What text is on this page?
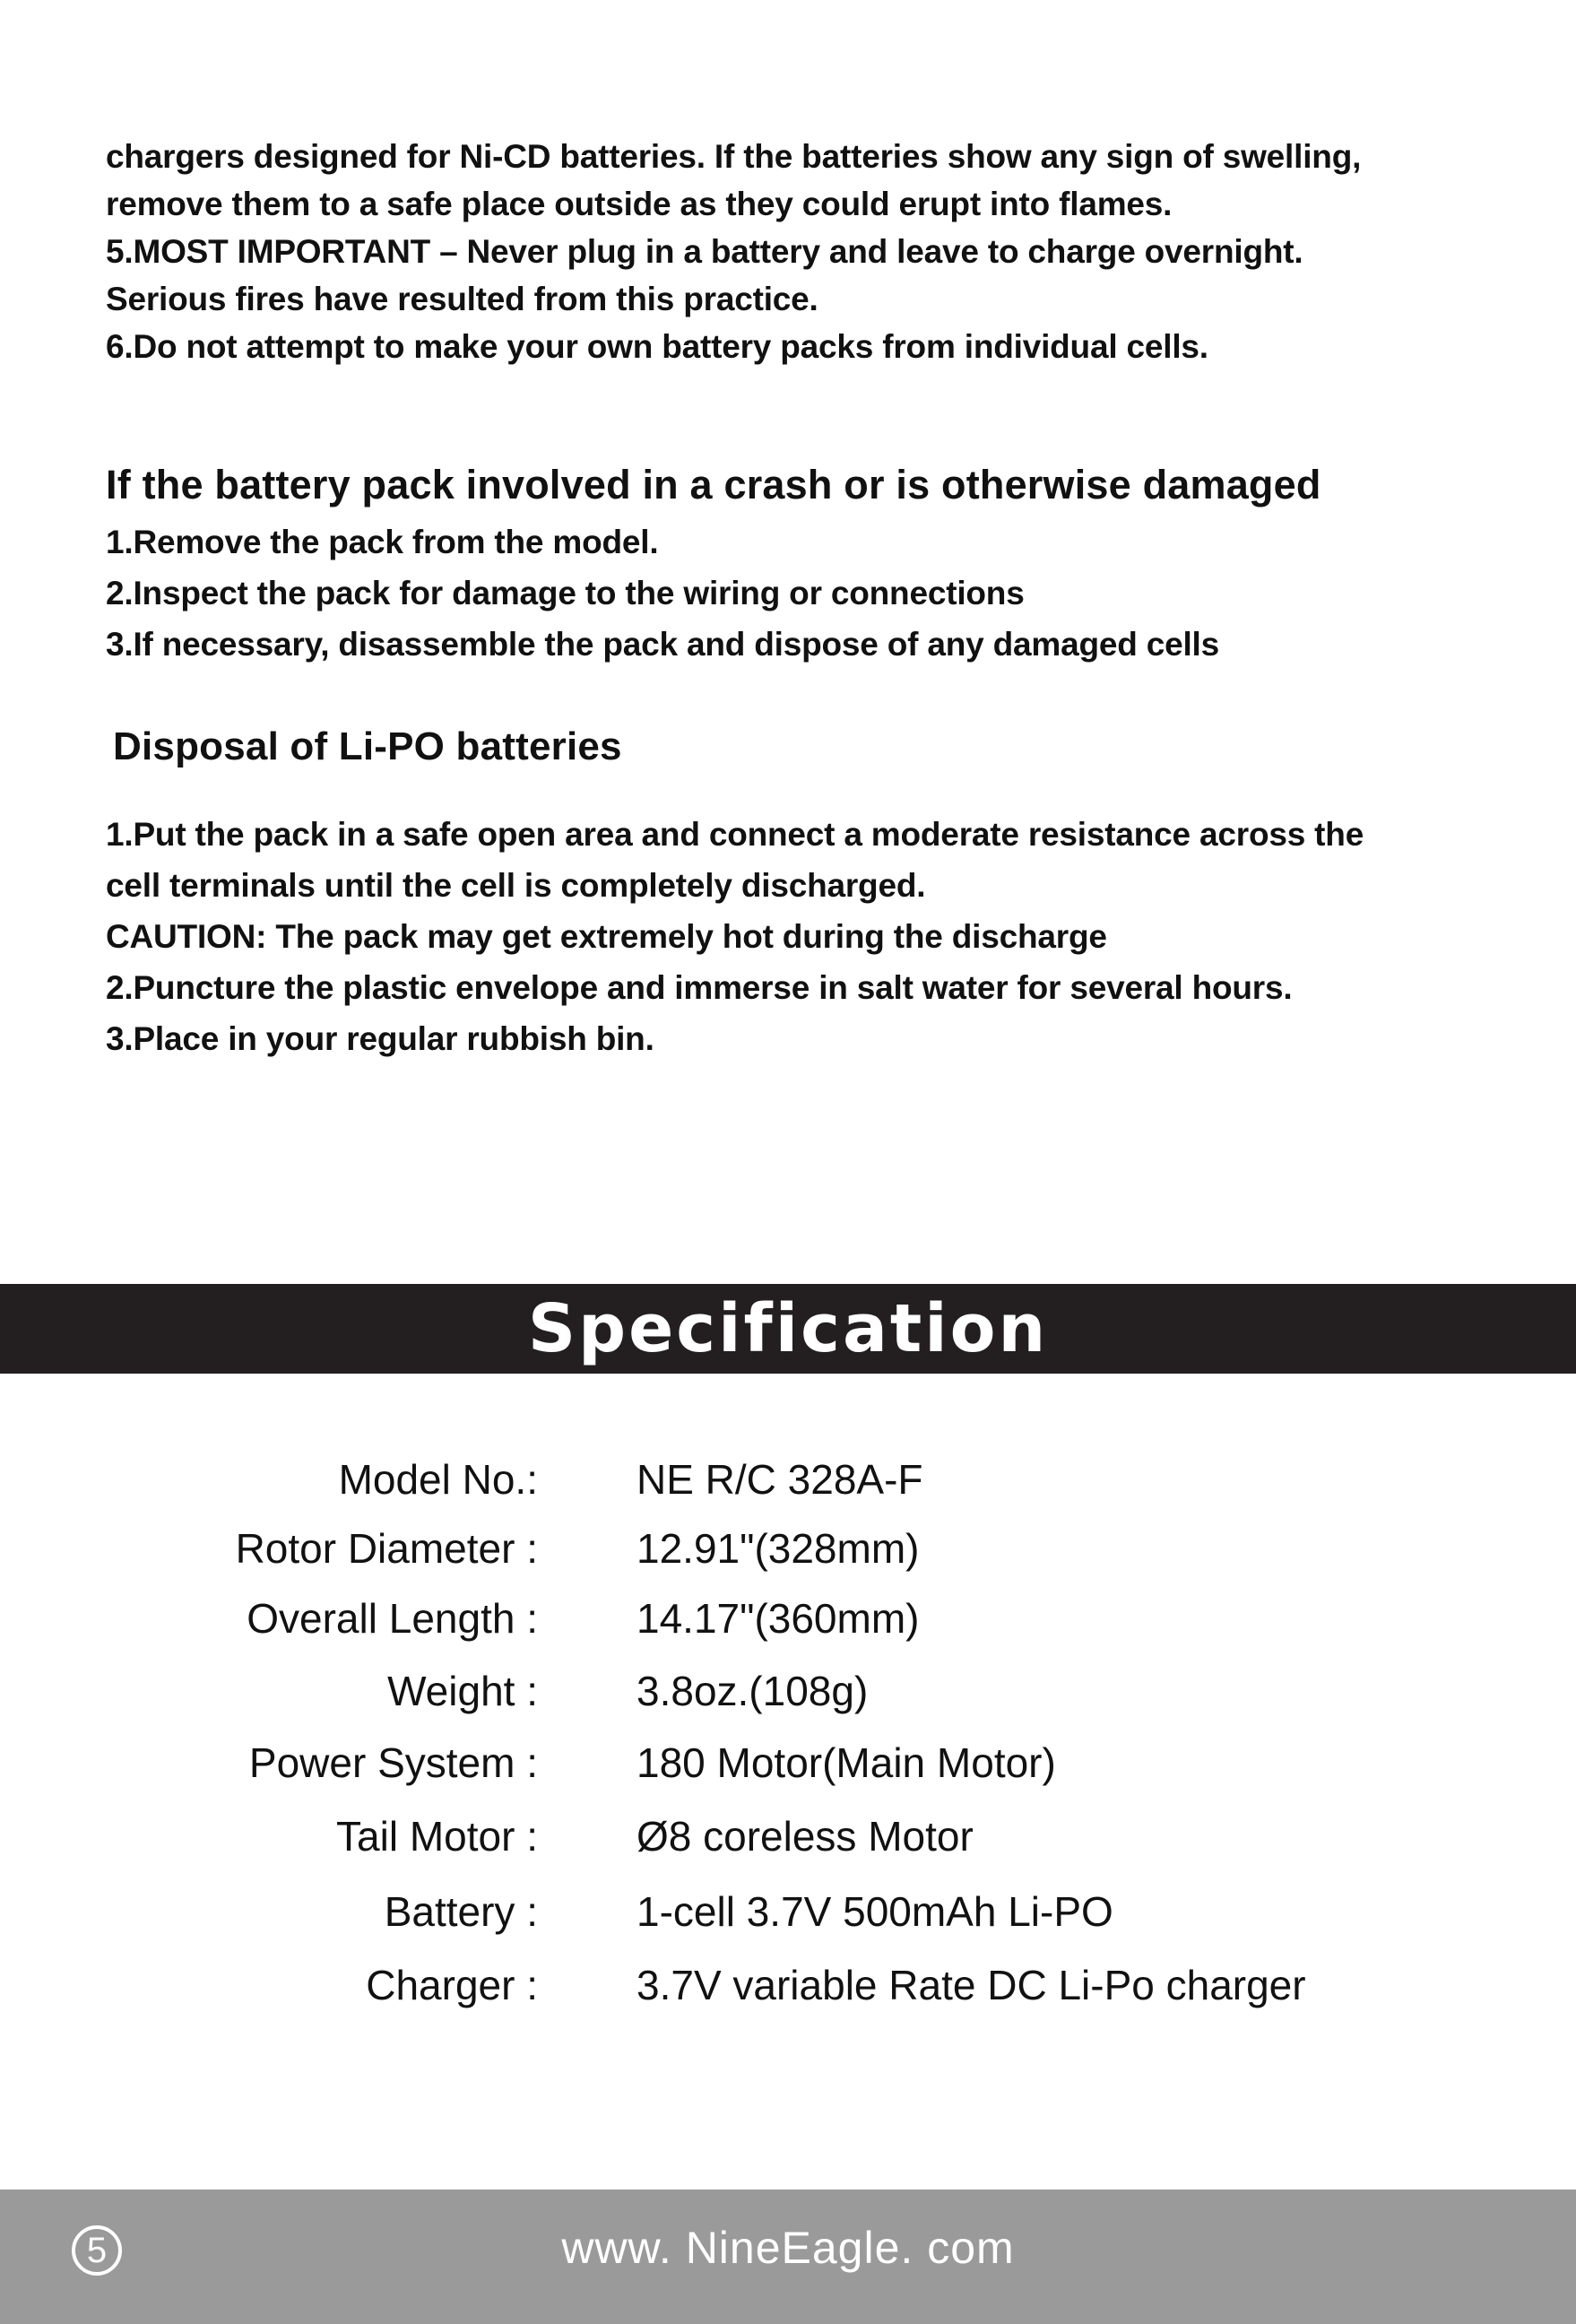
chargers designed for Ni-CD batteries. If the batteries show any sign of swelling,

remove them to a safe place outside as they could erupt into flames.

5.MOST IMPORTANT – Never plug in a battery and leave to charge overnight.

Serious fires have resulted from this practice.

6.Do not attempt to make your own battery packs from individual cells.

If the battery pack involved in a crash or is otherwise damaged

1.Remove the pack from the model.

2.Inspect the pack for damage to the wiring or connections

3.If necessary, disassemble the pack and dispose of any damaged cells

Disposal of Li-PO batteries

1.Put the pack in a safe open area and connect a moderate resistance across the

cell terminals until the cell is completely discharged.

CAUTION: The pack may get extremely hot during the discharge

2.Puncture the plastic envelope and immerse in salt water for several hours.

3.Place in your regular rubbish bin.

Specification
Model No.: NE R/C 328A-F
Rotor Diameter : 12.91"(328mm)
Overall Length : 14.17"(360mm)
Weight : 3.8oz.(108g)
Power System : 180 Motor(Main Motor)
Tail Motor : Ø8 coreless Motor
Battery : 1-cell 3.7V 500mAh Li-PO
Charger : 3.7V variable Rate DC Li-Po charger
5	www. NineEagle. com
